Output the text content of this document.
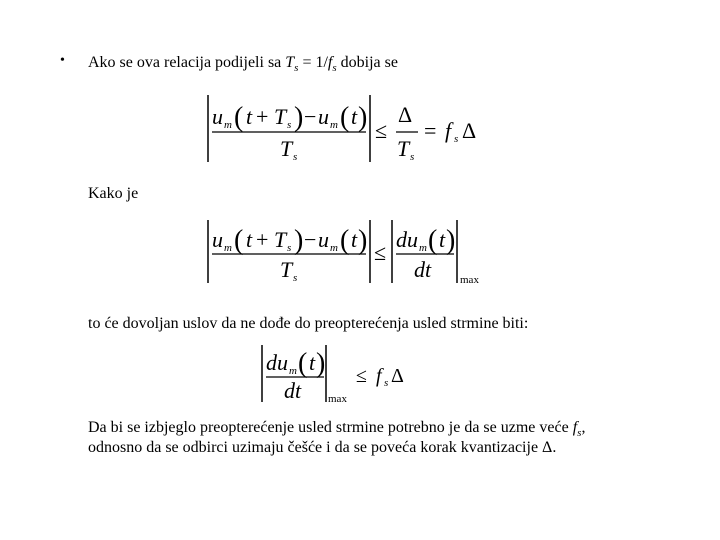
• Ako se ova relacija podijeli sa $T_s = 1/f_s$ dobija se
u m ( t + T s ) − u m ( t )
T s
≤
Δ
T s
= f s Δ
Kako je
u m ( t + T s ) − u m ( t )
T s
≤
d u m ( t )
dt	max
to će dovoljan uslov da ne dođe do preopterećenja usled strmine biti:
d u m ( t )
dt max
≤ f s Δ
Da bi se izbjeglo preopterećenje usled strmine potrebno je da se uzme veće $f_s$,
odnosno da se odbirci uzimaju češće i da se poveća korak kvantizacije Δ.
